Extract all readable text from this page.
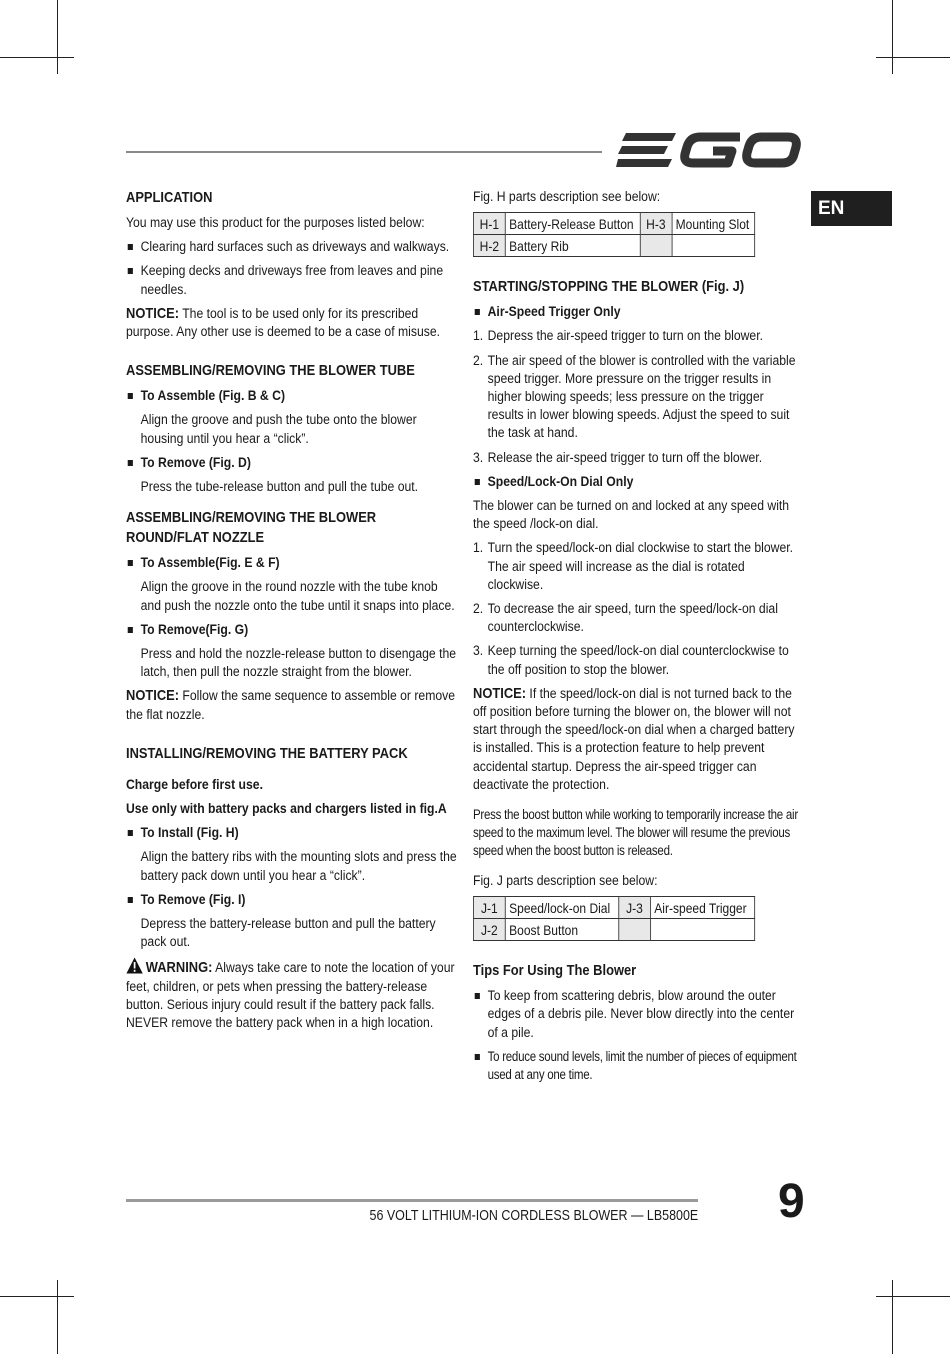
EN
APPLICATION

You may use this product for the purposes listed below:

Clearing hard surfaces such as driveways and walkways.
Keeping decks and driveways free from leaves and pine needles.

NOTICE: The tool is to be used only for its prescribed purpose. Any other use is deemed to be a case of misuse.

ASSEMBLING/REMOVING THE BLOWER TUBE
To Assemble (Fig. B & C)
Align the groove and push the tube onto the blower housing until you hear a “click”.
To Remove (Fig. D)
Press the tube-release button and pull the tube out.
ASSEMBLING/REMOVING THE BLOWER ROUND/FLAT NOZZLE
To Assemble(Fig. E & F)
Align the groove in the round nozzle with the tube knob and push the nozzle onto the tube until it snaps into place.
To Remove(Fig. G)
Press and hold the nozzle-release button to disengage the latch, then pull the nozzle straight from the blower.

NOTICE: Follow the same sequence to assemble or remove the flat nozzle.

INSTALLING/REMOVING THE BATTERY PACK

Charge before first use.

Use only with battery packs and chargers listed in fig.A

To Install (Fig. H)
Align the battery ribs with the mounting slots and press the battery pack down until you hear a “click”.
To Remove (Fig. I)
Depress the battery-release button and pull the battery pack out.

WARNING: Always take care to note the location of your feet, children, or pets when pressing the battery-release button. Serious injury could result if the battery pack falls. NEVER remove the battery pack when in a high location.

Fig. H parts description see below:

H-1	Battery-Release Button	H-3	Mounting Slot
H-2	Battery Rib		
STARTING/STOPPING THE BLOWER (Fig. J)
Air-Speed Trigger Only
1. Depress the air-speed trigger to turn on the blower.
2. The air speed of the blower is controlled with the variable speed trigger. More pressure on the trigger results in higher blowing speeds; less pressure on the trigger results in lower blowing speeds. Adjust the speed to suit the task at hand.
3. Release the air-speed trigger to turn off the blower.
Speed/Lock-On Dial Only

The blower can be turned on and locked at any speed with the speed /lock-on dial.

1. Turn the speed/lock-on dial clockwise to start the blower. The air speed will increase as the dial is rotated clockwise.
2. To decrease the air speed, turn the speed/lock-on dial counterclockwise.
3. Keep turning the speed/lock-on dial counterclockwise to the off position to stop the blower.

NOTICE: If the speed/lock-on dial is not turned back to the off position before turning the blower on, the blower will not start through the speed/lock-on dial when a charged battery is installed. This is a protection feature to help prevent accidental startup. Depress the air-speed trigger can deactivate the protection.

Press the boost button while working to temporarily increase the air speed to the maximum level. The blower will resume the previous speed when the boost button is released.

Fig. J parts description see below:

J-1	Speed/lock-on Dial	J-3	Air-speed Trigger
J-2	Boost Button		
Tips For Using The Blower
To keep from scattering debris, blow around the outer edges of a debris pile. Never blow directly into the center of a pile.
To reduce sound levels, limit the number of pieces of equipment used at any one time.
56 VOLT LITHIUM-ION CORDLESS BLOWER — LB5800E 9
